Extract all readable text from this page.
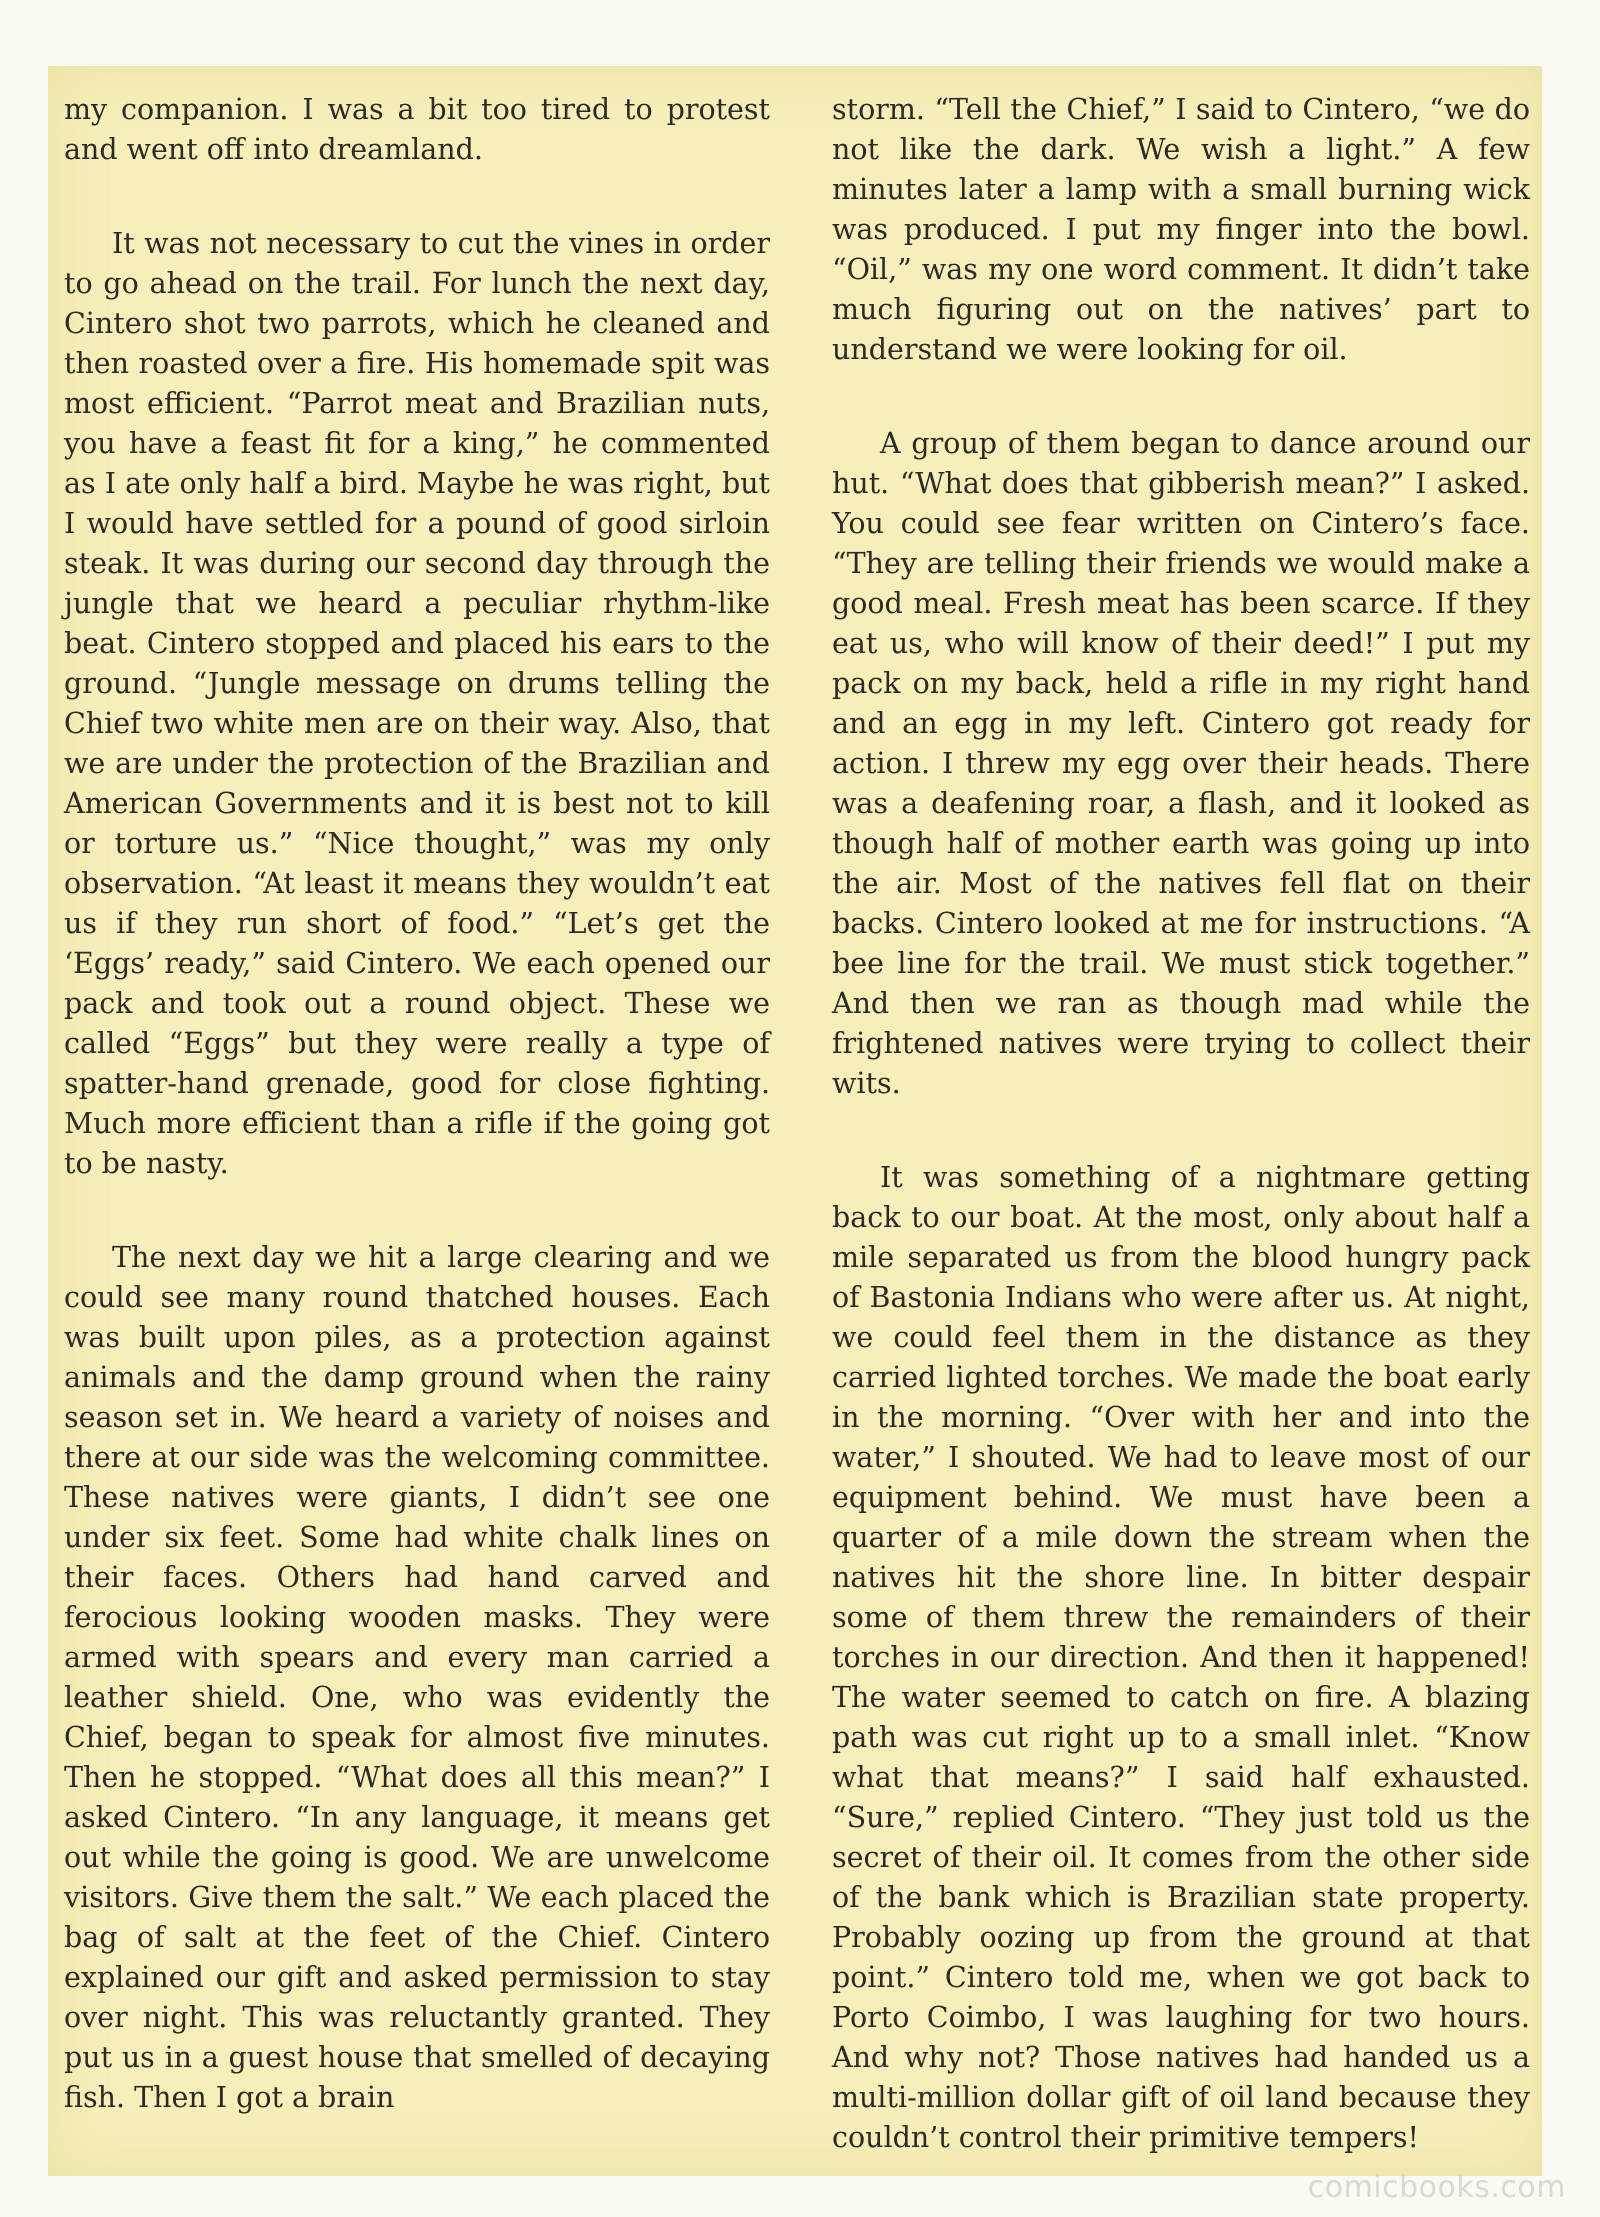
my companion. I was a bit too tired to protest and went off into dreamland.

It was not necessary to cut the vines in order to go ahead on the trail. For lunch the next day, Cintero shot two parrots, which he cleaned and then roasted over a fire. His homemade spit was most efficient. “Parrot meat and Brazilian nuts, you have a feast fit for a king,” he commented as I ate only half a bird. Maybe he was right, but I would have settled for a pound of good sirloin steak. It was during our second day through the jungle that we heard a peculiar rhythm-like beat. Cintero stopped and placed his ears to the ground. “Jungle message on drums telling the Chief two white men are on their way. Also, that we are under the protection of the Brazilian and American Governments and it is best not to kill or torture us.” “Nice thought,” was my only observation. “At least it means they wouldn’t eat us if they run short of food.” “Let’s get the ‘Eggs’ ready,” said Cintero. We each opened our pack and took out a round object. These we called “Eggs” but they were really a type of spatter-hand grenade, good for close fighting. Much more efficient than a rifle if the going got to be nasty.

The next day we hit a large clearing and we could see many round thatched houses. Each was built upon piles, as a protection against animals and the damp ground when the rainy season set in. We heard a variety of noises and there at our side was the welcoming committee. These natives were giants, I didn’t see one under six feet. Some had white chalk lines on their faces. Others had hand carved and ferocious looking wooden masks. They were armed with spears and every man carried a leather shield. One, who was evidently the Chief, began to speak for almost five minutes. Then he stopped. “What does all this mean?” I asked Cintero. “In any language, it means get out while the going is good. We are unwelcome visitors. Give them the salt.” We each placed the bag of salt at the feet of the Chief. Cintero explained our gift and asked permission to stay over night. This was reluctantly granted. They put us in a guest house that smelled of decaying fish. Then I got a brain

storm. “Tell the Chief,” I said to Cintero, “we do not like the dark. We wish a light.” A few minutes later a lamp with a small burning wick was produced. I put my finger into the bowl. “Oil,” was my one word comment. It didn’t take much figuring out on the natives’ part to understand we were looking for oil.

A group of them began to dance around our hut. “What does that gibberish mean?” I asked. You could see fear written on Cintero’s face. “They are telling their friends we would make a good meal. Fresh meat has been scarce. If they eat us, who will know of their deed!” I put my pack on my back, held a rifle in my right hand and an egg in my left. Cintero got ready for action. I threw my egg over their heads. There was a deafening roar, a flash, and it looked as though half of mother earth was going up into the air. Most of the natives fell flat on their backs. Cintero looked at me for instructions. “A bee line for the trail. We must stick together.” And then we ran as though mad while the frightened natives were trying to collect their wits.

It was something of a nightmare getting back to our boat. At the most, only about half a mile separated us from the blood hungry pack of Bastonia Indians who were after us. At night, we could feel them in the distance as they carried lighted torches. We made the boat early in the morning. “Over with her and into the water,” I shouted. We had to leave most of our equipment behind. We must have been a quarter of a mile down the stream when the natives hit the shore line. In bitter despair some of them threw the remainders of their torches in our direction. And then it happened! The water seemed to catch on fire. A blazing path was cut right up to a small inlet. “Know what that means?” I said half exhausted. “Sure,” replied Cintero. “They just told us the secret of their oil. It comes from the other side of the bank which is Brazilian state property. Probably oozing up from the ground at that point.” Cintero told me, when we got back to Porto Coimbo, I was laughing for two hours. And why not? Those natives had handed us a multi-million dollar gift of oil land because they couldn’t control their primitive tempers!

comicbooks.com
